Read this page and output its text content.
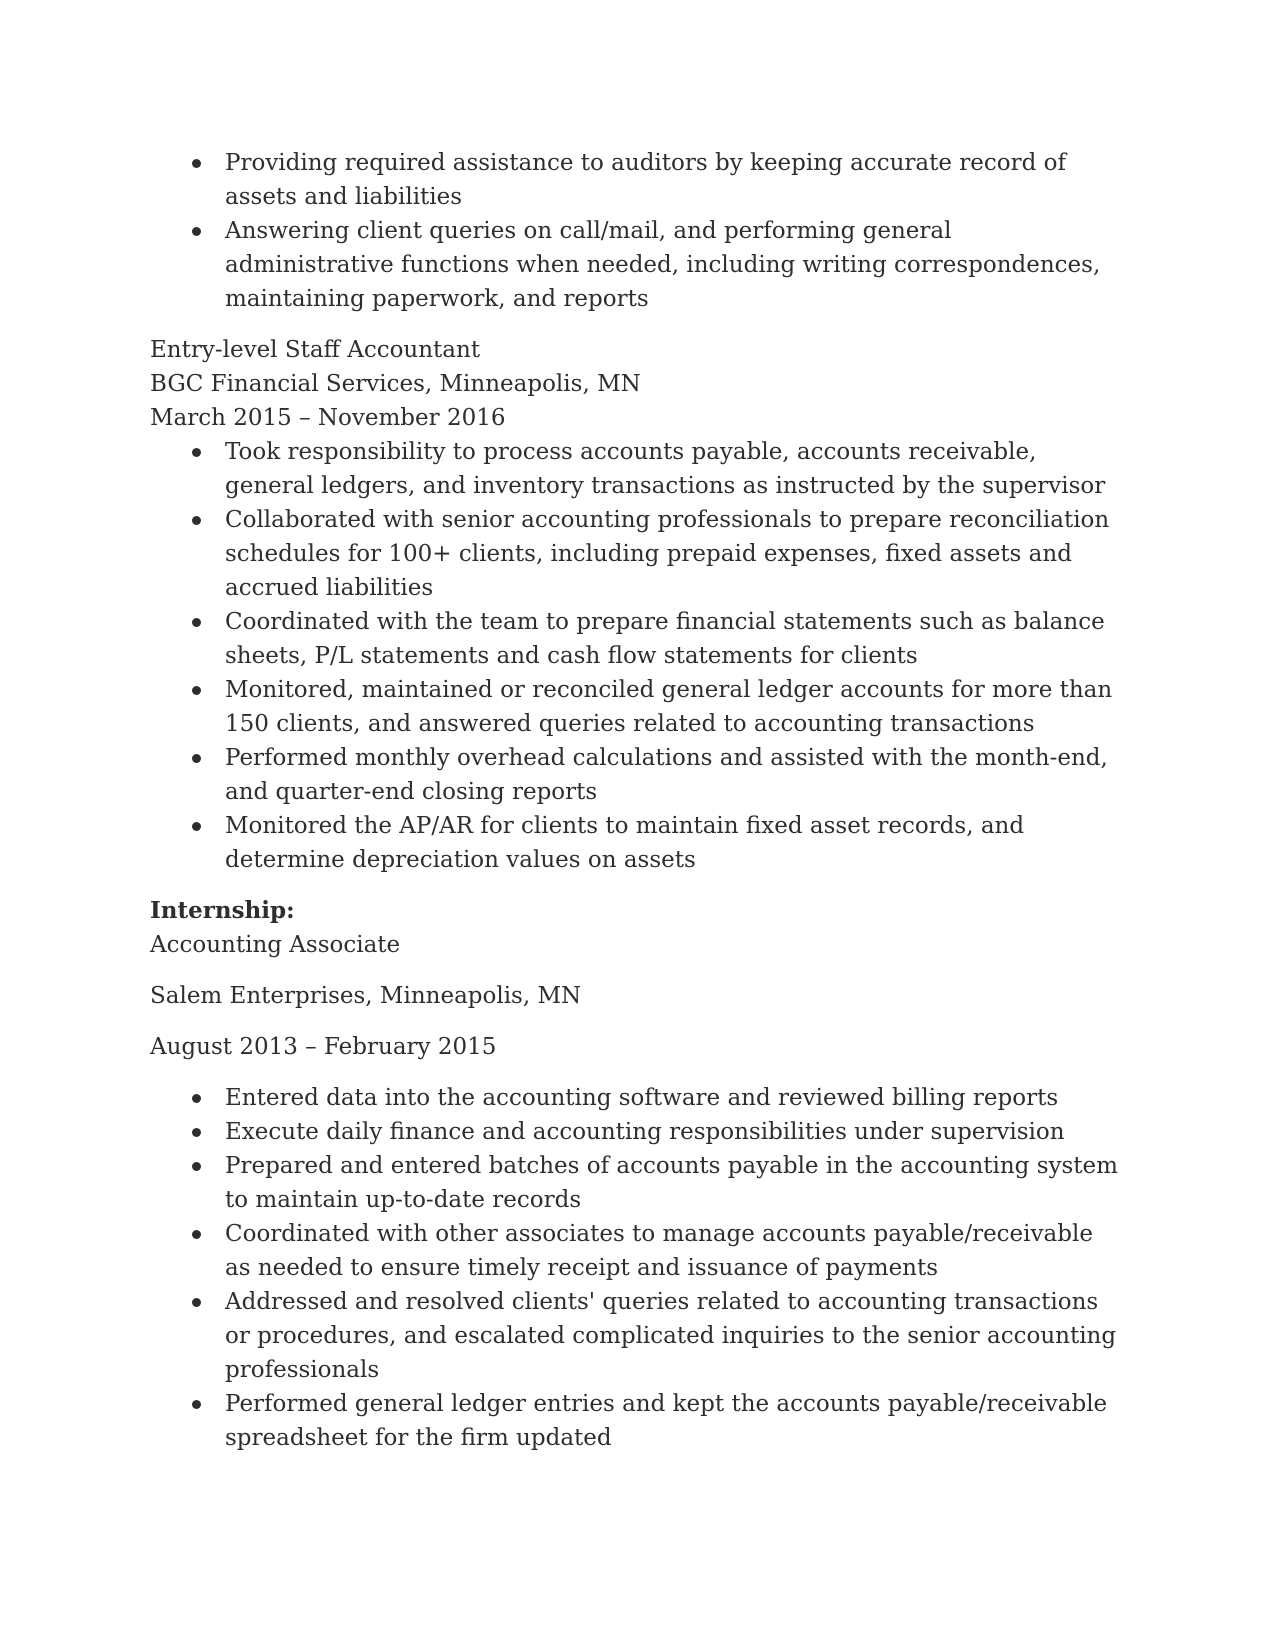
Providing required assistance to auditors by keeping accurate record of assets and liabilities
Answering client queries on call/mail, and performing general administrative functions when needed, including writing correspondences, maintaining paperwork, and reports
Entry-level Staff Accountant
BGC Financial Services, Minneapolis, MN
March 2015 – November 2016
Took responsibility to process accounts payable, accounts receivable, general ledgers, and inventory transactions as instructed by the supervisor
Collaborated with senior accounting professionals to prepare reconciliation schedules for 100+ clients, including prepaid expenses, fixed assets and accrued liabilities
Coordinated with the team to prepare financial statements such as balance sheets, P/L statements and cash flow statements for clients
Monitored, maintained or reconciled general ledger accounts for more than 150 clients, and answered queries related to accounting transactions
Performed monthly overhead calculations and assisted with the month-end, and quarter-end closing reports
Monitored the AP/AR for clients to maintain fixed asset records, and determine depreciation values on assets
Internship:
Accounting Associate
Salem Enterprises, Minneapolis, MN
August 2013 – February 2015
Entered data into the accounting software and reviewed billing reports
Execute daily finance and accounting responsibilities under supervision
Prepared and entered batches of accounts payable in the accounting system to maintain up-to-date records
Coordinated with other associates to manage accounts payable/receivable as needed to ensure timely receipt and issuance of payments
Addressed and resolved clients' queries related to accounting transactions or procedures, and escalated complicated inquiries to the senior accounting professionals
Performed general ledger entries and kept the accounts payable/receivable spreadsheet for the firm updated
